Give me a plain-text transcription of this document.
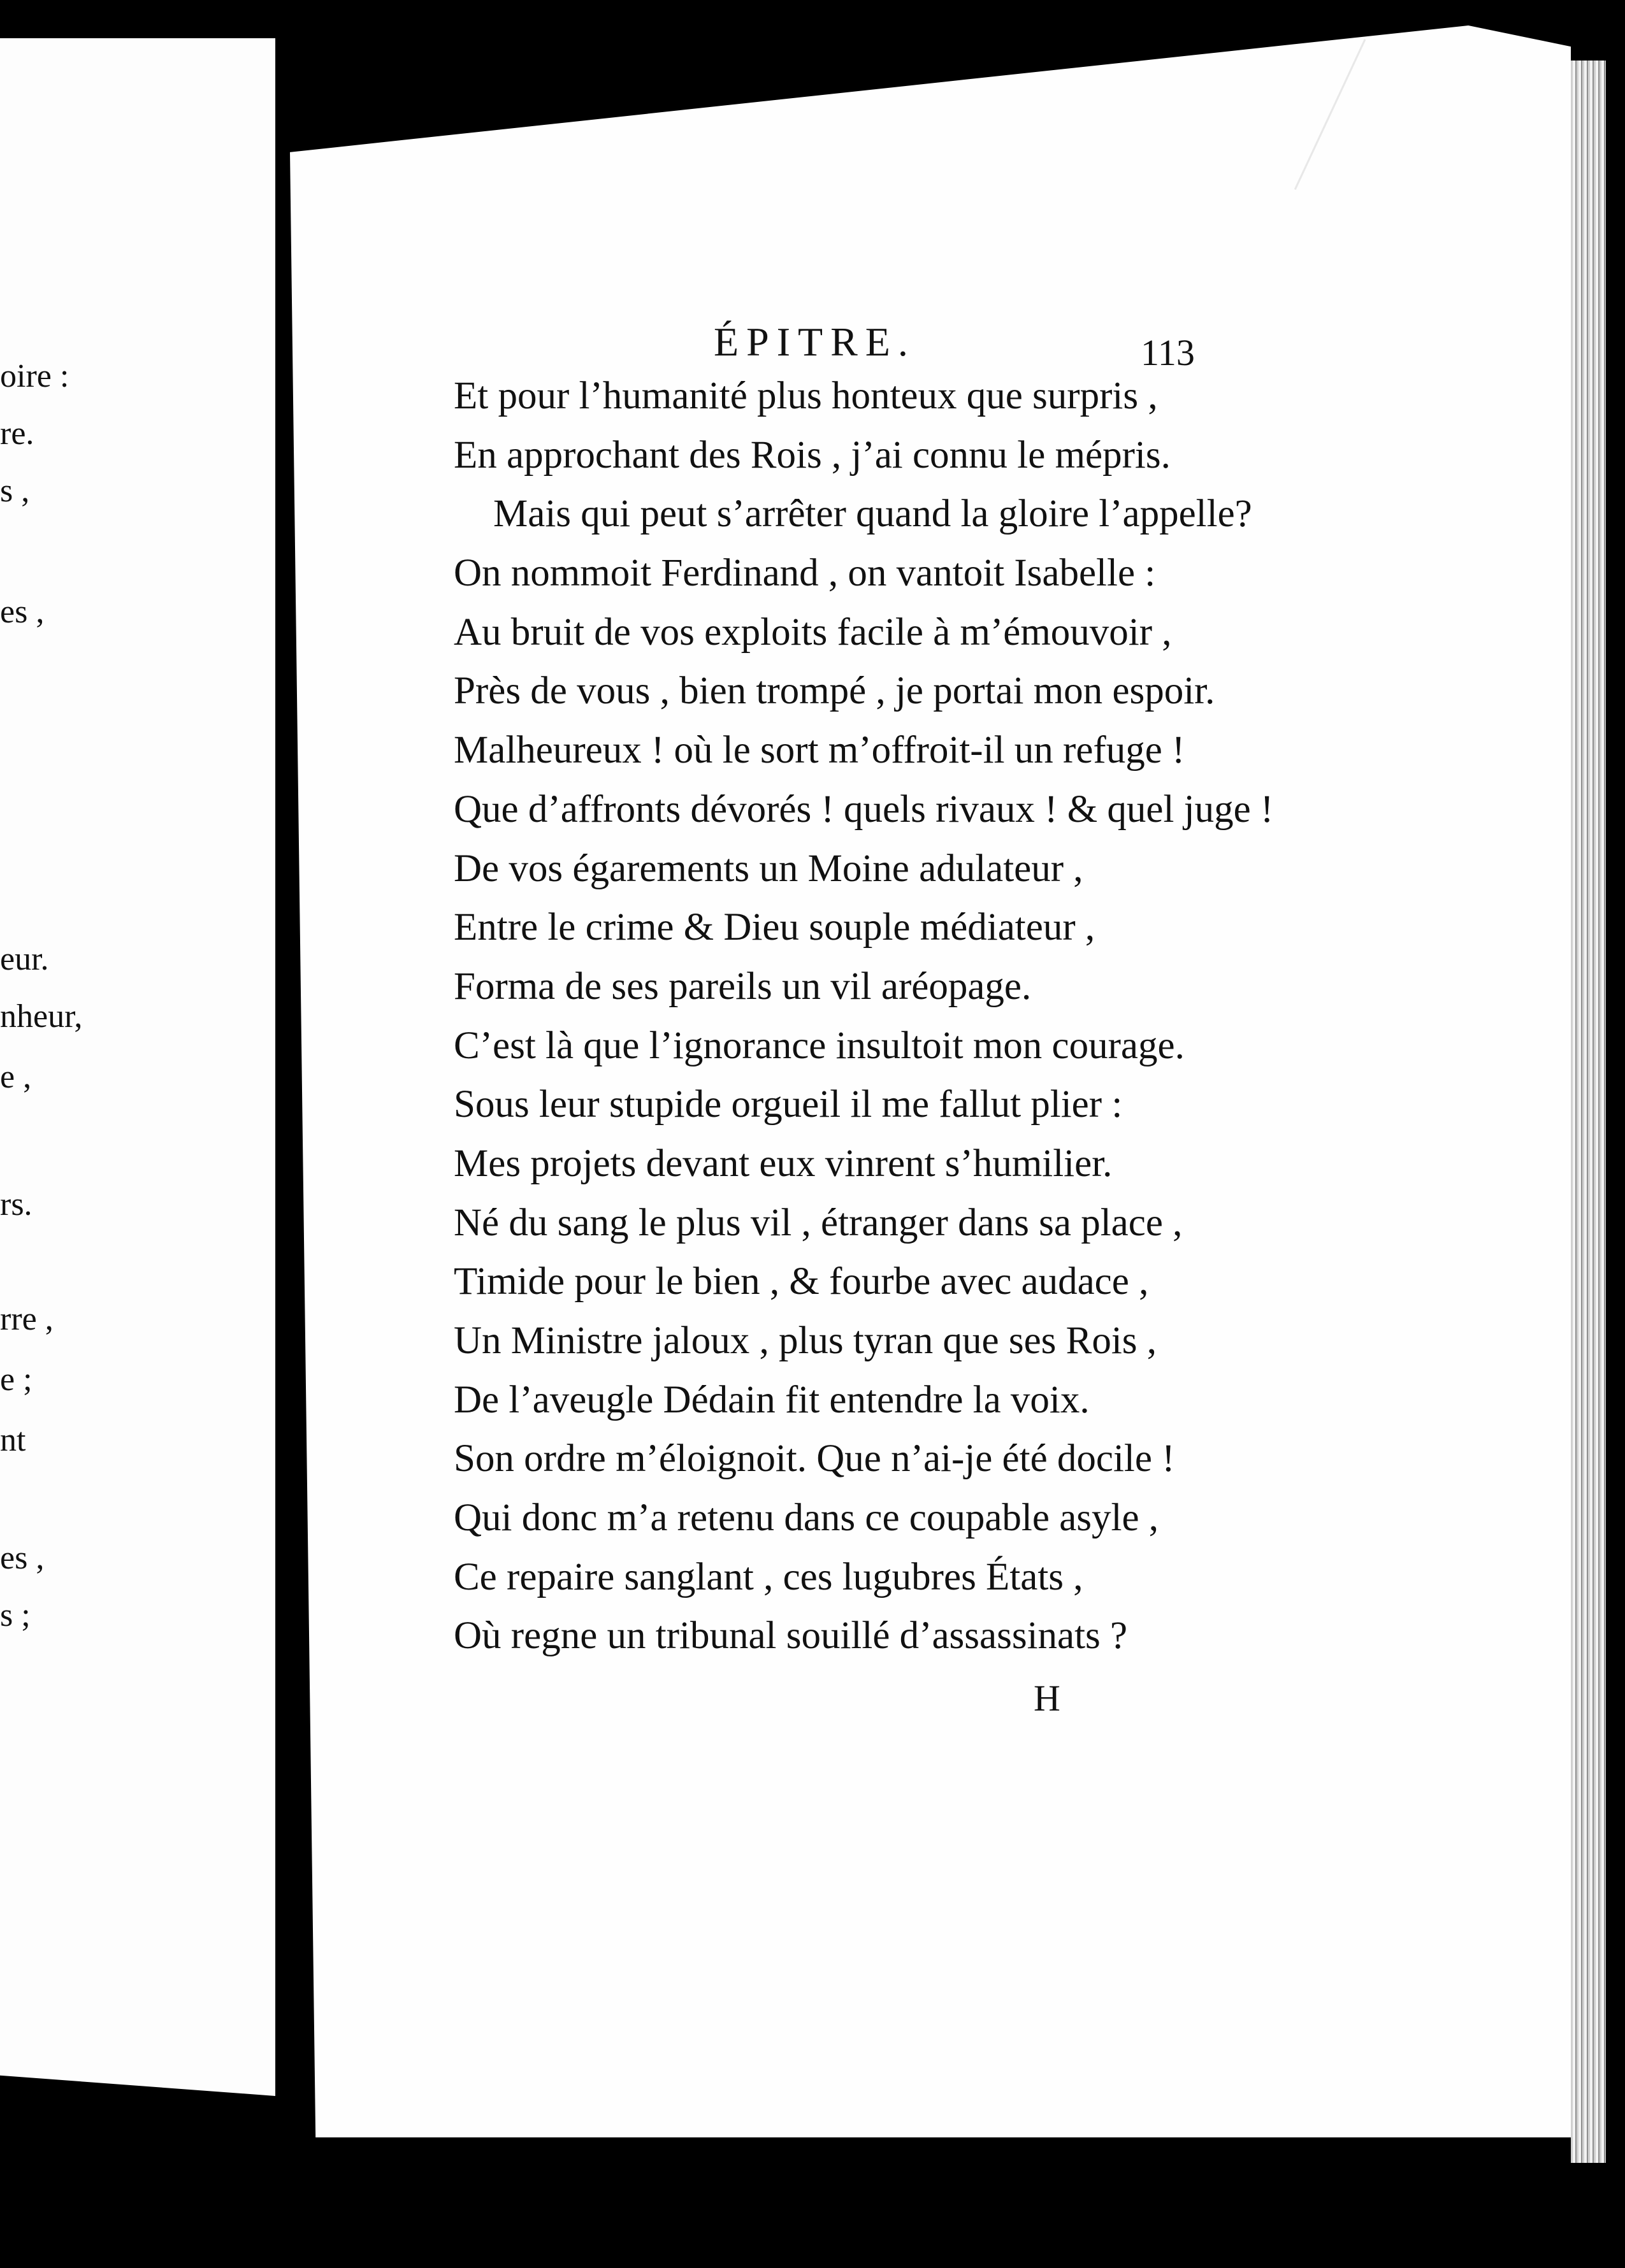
oire :
re.
s ,
es ,
eur.
nheur,
e ,
rs.
rre ,
e ;
nt
es ,
s ;
ÉPITRE.	113
Et pour l’humanité plus honteux que surpris ,
En approchant des Rois , j’ai connu le mépris.
Mais qui peut s’arrêter quand la gloire l’appelle?
On nommoit Ferdinand , on vantoit Isabelle :
Au bruit de vos exploits facile à m’émouvoir ,
Près de vous , bien trompé , je portai mon espoir.
Malheureux ! où le sort m’offroit-il un refuge !
Que d’affronts dévorés ! quels rivaux ! & quel juge !
De vos égarements un Moine adulateur ,
Entre le crime & Dieu souple médiateur ,
Forma de ses pareils un vil aréopage.
C’est là que l’ignorance insultoit mon courage.
Sous leur stupide orgueil il me fallut plier :
Mes projets devant eux vinrent s’humilier.
Né du sang le plus vil , étranger dans sa place ,
Timide pour le bien , & fourbe avec audace ,
Un Ministre jaloux , plus tyran que ses Rois ,
De l’aveugle Dédain fit entendre la voix.
Son ordre m’éloignoit. Que n’ai-je été docile !
Qui donc m’a retenu dans ce coupable asyle ,
Ce repaire sanglant , ces lugubres États ,
Où regne un tribunal souillé d’assassinats ?
H
